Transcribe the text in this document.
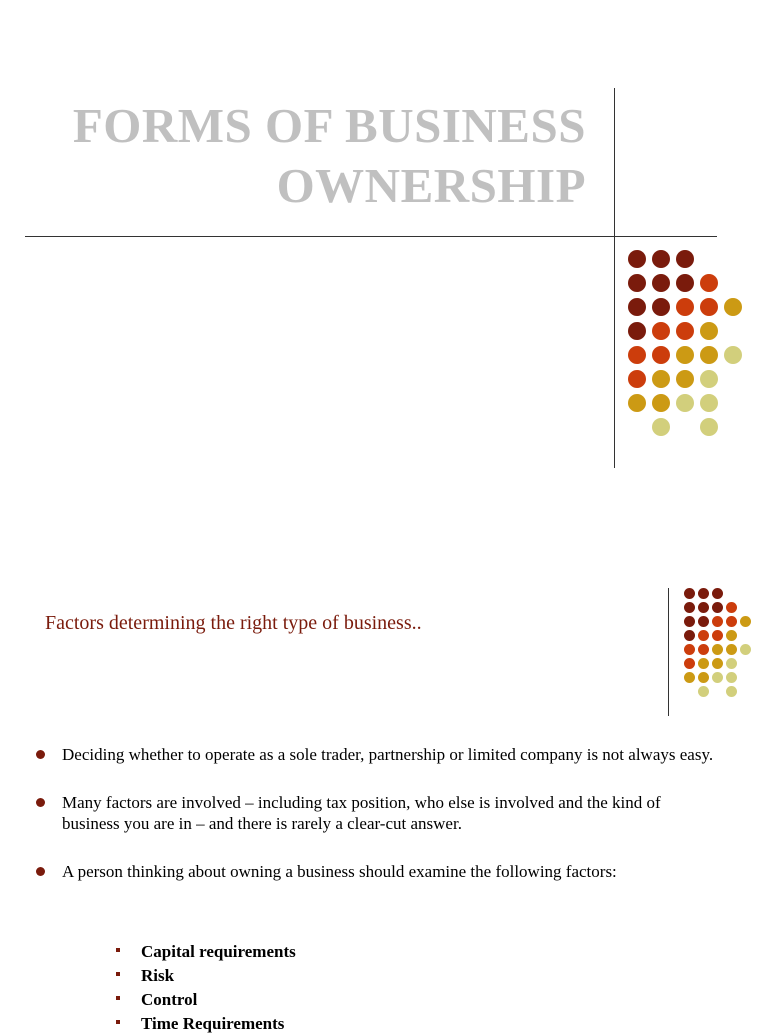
FORMS OF BUSINESS
OWNERSHIP
Factors determining the right type of business..
Deciding whether to operate as a sole trader, partnership or limited company is not always easy.
Many factors are involved – including tax position, who else is involved and the kind of business you are in – and there is rarely a clear-cut answer.
A person thinking about owning a business should examine the following factors:
Capital requirements
Risk
Control
Time Requirements
